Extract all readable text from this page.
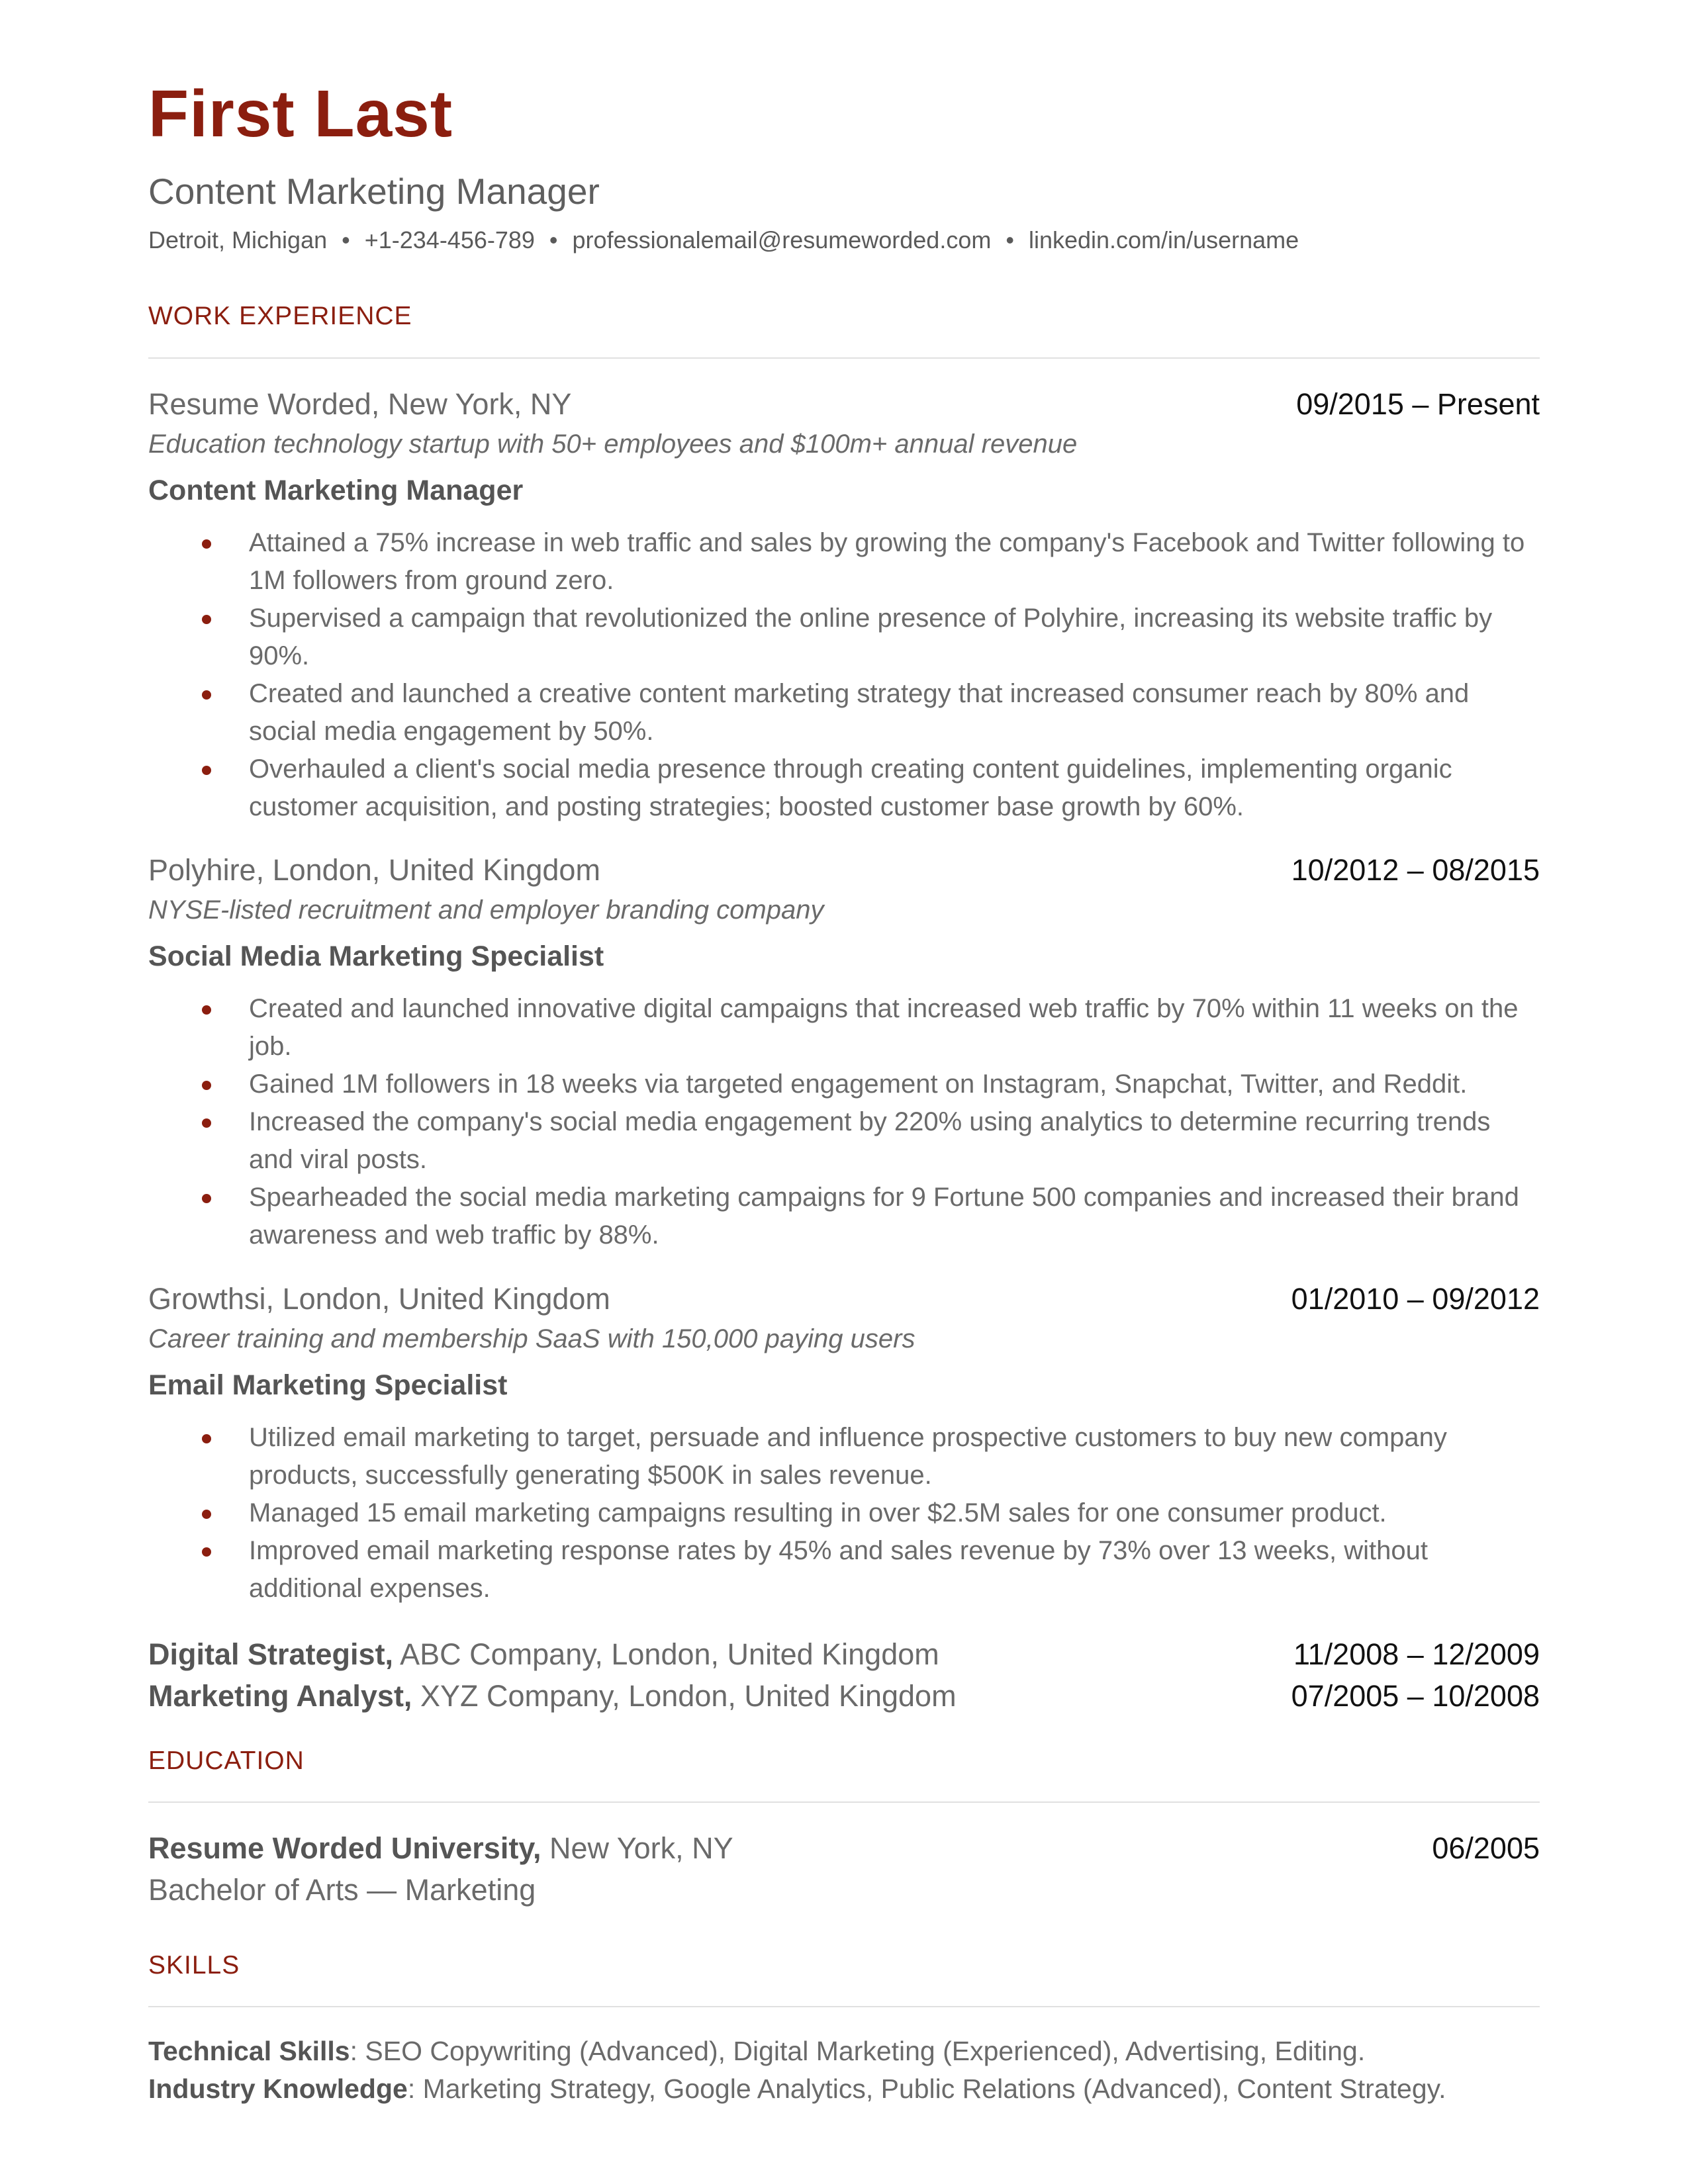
First Last
Content Marketing Manager
Detroit, Michigan • +1-234-456-789 • professionalemail@resumeworded.com • linkedin.com/in/username
WORK EXPERIENCE
Resume Worded, New York, NY	09/2015 – Present
Education technology startup with 50+ employees and $100m+ annual revenue
Content Marketing Manager
Attained a 75% increase in web traffic and sales by growing the company's Facebook and Twitter following to 1M followers from ground zero.
Supervised a campaign that revolutionized the online presence of Polyhire, increasing its website traffic by 90%.
Created and launched a creative content marketing strategy that increased consumer reach by 80% and social media engagement by 50%.
Overhauled a client's social media presence through creating content guidelines, implementing organic customer acquisition, and posting strategies; boosted customer base growth by 60%.
Polyhire, London, United Kingdom	10/2012 – 08/2015
NYSE-listed recruitment and employer branding company
Social Media Marketing Specialist
Created and launched innovative digital campaigns that increased web traffic by 70% within 11 weeks on the job.
Gained 1M followers in 18 weeks via targeted engagement on Instagram, Snapchat, Twitter, and Reddit.
Increased the company's social media engagement by 220% using analytics to determine recurring trends and viral posts.
Spearheaded the social media marketing campaigns for 9 Fortune 500 companies and increased their brand awareness and web traffic by 88%.
Growthsi, London, United Kingdom	01/2010 – 09/2012
Career training and membership SaaS with 150,000 paying users
Email Marketing Specialist
Utilized email marketing to target, persuade and influence prospective customers to buy new company products, successfully generating $500K in sales revenue.
Managed 15 email marketing campaigns resulting in over $2.5M sales for one consumer product.
Improved email marketing response rates by 45% and sales revenue by 73% over 13 weeks, without additional expenses.
Digital Strategist, ABC Company, London, United Kingdom	11/2008 – 12/2009
Marketing Analyst, XYZ Company, London, United Kingdom	07/2005 – 10/2008
EDUCATION
Resume Worded University, New York, NY	06/2005
Bachelor of Arts — Marketing
SKILLS
Technical Skills: SEO Copywriting (Advanced), Digital Marketing (Experienced), Advertising, Editing.
Industry Knowledge: Marketing Strategy, Google Analytics, Public Relations (Advanced), Content Strategy.
